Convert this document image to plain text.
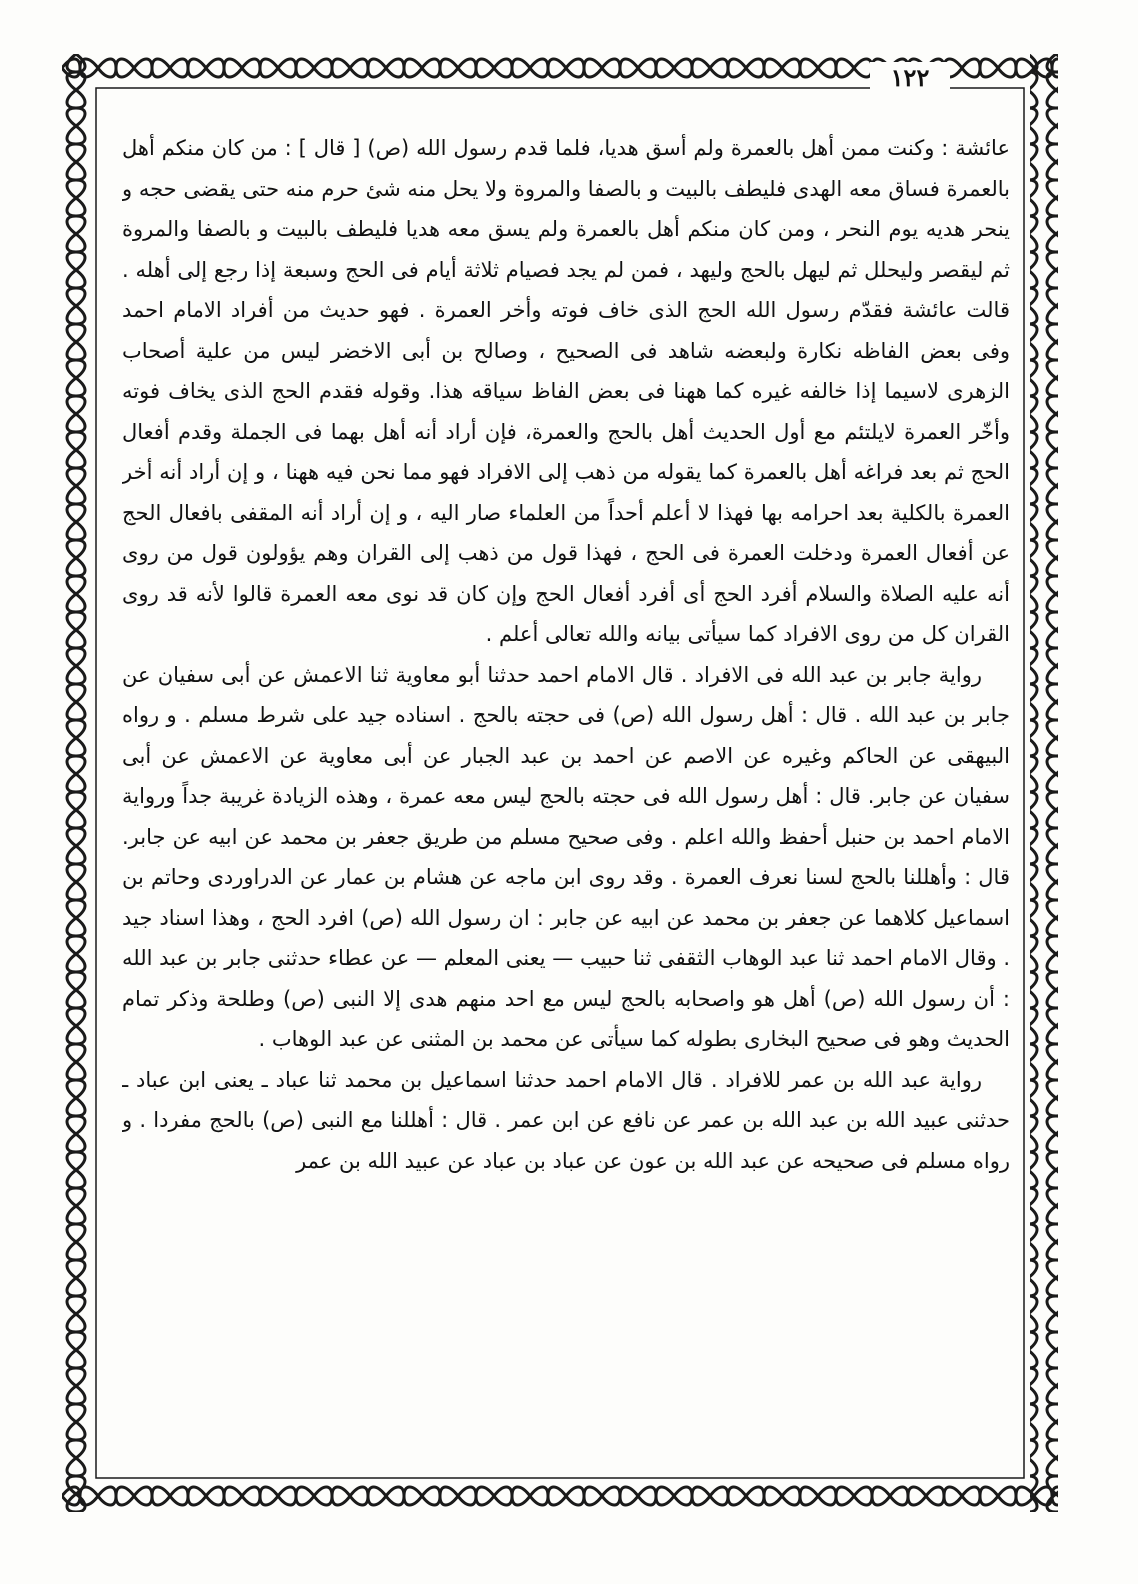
١٢٢

عائشة : وكنت ممن أهل بالعمرة ولم أسق هديا، فلما قدم رسول الله (ص) [ قال ] : من كان منكم أهل بالعمرة فساق معه الهدى فليطف بالبيت و بالصفا والمروة ولا يحل منه شئ حرم منه حتى يقضى حجه و ينحر هديه يوم النحر ، ومن كان منكم أهل بالعمرة ولم يسق معه هديا فليطف بالبيت و بالصفا والمروة ثم ليقصر وليحلل ثم ليهل بالحج وليهد ، فمن لم يجد فصيام ثلاثة أيام فى الحج وسبعة إذا رجع إلى أهله . قالت عائشة فقدّم رسول الله الحج الذى خاف فوته وأخر العمرة . فهو حديث من أفراد الامام احمد وفى بعض الفاظه نكارة ولبعضه شاهد فى الصحيح ، وصالح بن أبى الاخضر ليس من علية أصحاب الزهرى لاسيما إذا خالفه غيره كما ههنا فى بعض الفاظ سياقه هذا. وقوله فقدم الحج الذى يخاف فوته وأخّر العمرة لايلتئم مع أول الحديث أهل بالحج والعمرة، فإن أراد أنه أهل بهما فى الجملة وقدم أفعال الحج ثم بعد فراغه أهل بالعمرة كما يقوله من ذهب إلى الافراد فهو مما نحن فيه ههنا ، و إن أراد أنه أخر العمرة بالكلية بعد احرامه بها فهذا لا أعلم أحداً من العلماء صار اليه ، و إن أراد أنه المقفى بافعال الحج عن أفعال العمرة ودخلت العمرة فى الحج ، فهذا قول من ذهب إلى القران وهم يؤولون قول من روى أنه عليه الصلاة والسلام أفرد الحج أى أفرد أفعال الحج وإن كان قد نوى معه العمرة قالوا لأنه قد روى القران كل من روى الافراد كما سيأتى بيانه والله تعالى أعلم .

رواية جابر بن عبد الله فى الافراد . قال الامام احمد حدثنا أبو معاوية ثنا الاعمش عن أبى سفيان عن جابر بن عبد الله . قال : أهل رسول الله (ص) فى حجته بالحج . اسناده جيد على شرط مسلم . و رواه البيهقى عن الحاكم وغيره عن الاصم عن احمد بن عبد الجبار عن أبى معاوية عن الاعمش عن أبى سفيان عن جابر. قال : أهل رسول الله فى حجته بالحج ليس معه عمرة ، وهذه الزيادة غريبة جداً ورواية الامام احمد بن حنبل أحفظ والله اعلم . وفى صحيح مسلم من طريق جعفر بن محمد عن ابيه عن جابر. قال : وأهللنا بالحج لسنا نعرف العمرة . وقد روى ابن ماجه عن هشام بن عمار عن الدراوردى وحاتم بن اسماعيل كلاهما عن جعفر بن محمد عن ابيه عن جابر : ان رسول الله (ص) افرد الحج ، وهذا اسناد جيد . وقال الامام احمد ثنا عبد الوهاب الثقفى ثنا حبيب — يعنى المعلم — عن عطاء حدثنى جابر بن عبد الله : أن رسول الله (ص) أهل هو واصحابه بالحج ليس مع احد منهم هدى إلا النبى (ص) وطلحة وذكر تمام الحديث وهو فى صحيح البخارى بطوله كما سيأتى عن محمد بن المثنى عن عبد الوهاب .

رواية عبد الله بن عمر للافراد . قال الامام احمد حدثنا اسماعيل بن محمد ثنا عباد ـ يعنى ابن عباد ـ حدثنى عبيد الله بن عبد الله بن عمر عن نافع عن ابن عمر . قال : أهللنا مع النبى (ص) بالحج مفردا . و رواه مسلم فى صحيحه عن عبد الله بن عون عن عباد بن عباد عن عبيد الله بن عمر
